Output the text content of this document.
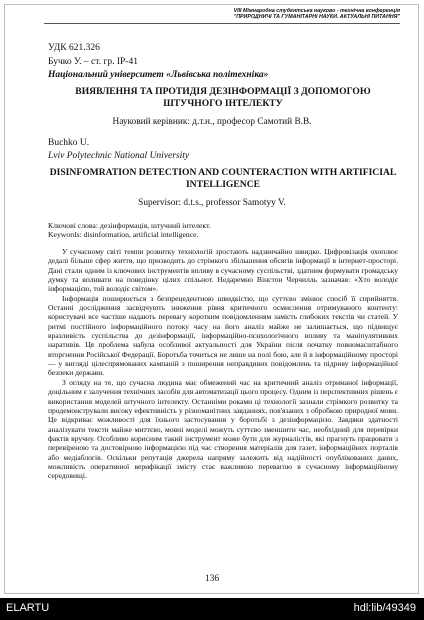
VIII Міжнародна студентська науково - технічна конференція
"ПРИРОДНИЧІ ТА ГУМАНІТАРНІ НАУКИ. АКТУАЛЬНІ ПИТАННЯ"
УДК 621.326
Бучко У. – ст. гр. ІР-41
Національний університет «Львівська політехніка»
ВИЯВЛЕННЯ ТА ПРОТИДІЯ ДЕЗІНФОРМАЦІЇ З ДОПОМОГОЮ ШТУЧНОГО ІНТЕЛЕКТУ
Науковий керівник: д.т.н., професор Самотий В.В.
Buchko U.
Lviv Polytechnic National University
DISINFOMRATION DETECTION AND COUNTERACTION WITH ARTIFICIAL INTELLIGENCE
Supervisor: d.t.s., professor Samotyy V.
Ключові слова: дезінформація, штучний інтелект.
Keywords: disinformation, artificial intelligence.

У сучасному світі темпи розвитку технологій зростають надзвичайно швидко. Цифровізація охоплює дедалі більше сфер життя, що призводить до стрімкого збільшення обсягів інформації в інтернет-просторі. Дані стали одним із ключових інструментів впливу в сучасному суспільстві, здатним формувати громадську думку та впливати на поведінку цілих спільнот. Недаремно Вінстон Черчилль зазначав: «Хто володіє інформацією, той володіє світом».

Інформація поширюється з безпрецедентною швидкістю, що суттєво змінює спосіб її сприйняття. Останні дослідження засвідчують зниження рівня критичного осмислення отримуваного контенту: користувачі все частіше надають перевагу коротким повідомленням замість глибоких текстів чи статей. У ритмі постійного інформаційного потоку часу на його аналіз майже не залишається, що підвищує вразливість суспільства до дезінформації, інформаційно-психологічного впливу та маніпулятивних наративів. Ця проблема набула особливої актуальності для України після початку повномасштабного вторгнення Російської Федерації. Боротьба точиться не лише на полі бою, але й в інформаційному просторі — у вигляді цілеспрямованих кампаній з поширення неправдивих повідомлень та підриву інформаційної безпеки держави.

З огляду на те, що сучасна людина має обмежений час на критичний аналіз отриманої інформації, доцільним є залучення технічних засобів для автоматизації цього процесу. Одним із перспективних рішень є використання моделей штучного інтелекту. Останніми роками ці технології зазнали стрімкого розвитку та продемонстрували високу ефективність у різноманітних завданнях, пов'язаних з обробкою природної мови. Це відкриває можливості для їхнього застосування у боротьбі з дезінформацією. Завдяки здатності аналізувати тексти майже миттєво, мовні моделі можуть суттєво зменшити час, необхідний для перевірки фактів вручну. Особливо корисним такий інструмент може бути для журналістів, які прагнуть працювати з перевіреною та достовірною інформацією під час створення матеріалів для газет, інформаційних порталів або медіаблогів. Оскільки репутація джерела напряму залежить від надійності опублікованих даних, можливість оперативної верифікації змісту стає важливою перевагою в сучасному інформаційному середовищі.

136
ELARTU	hdl:lib/49349
